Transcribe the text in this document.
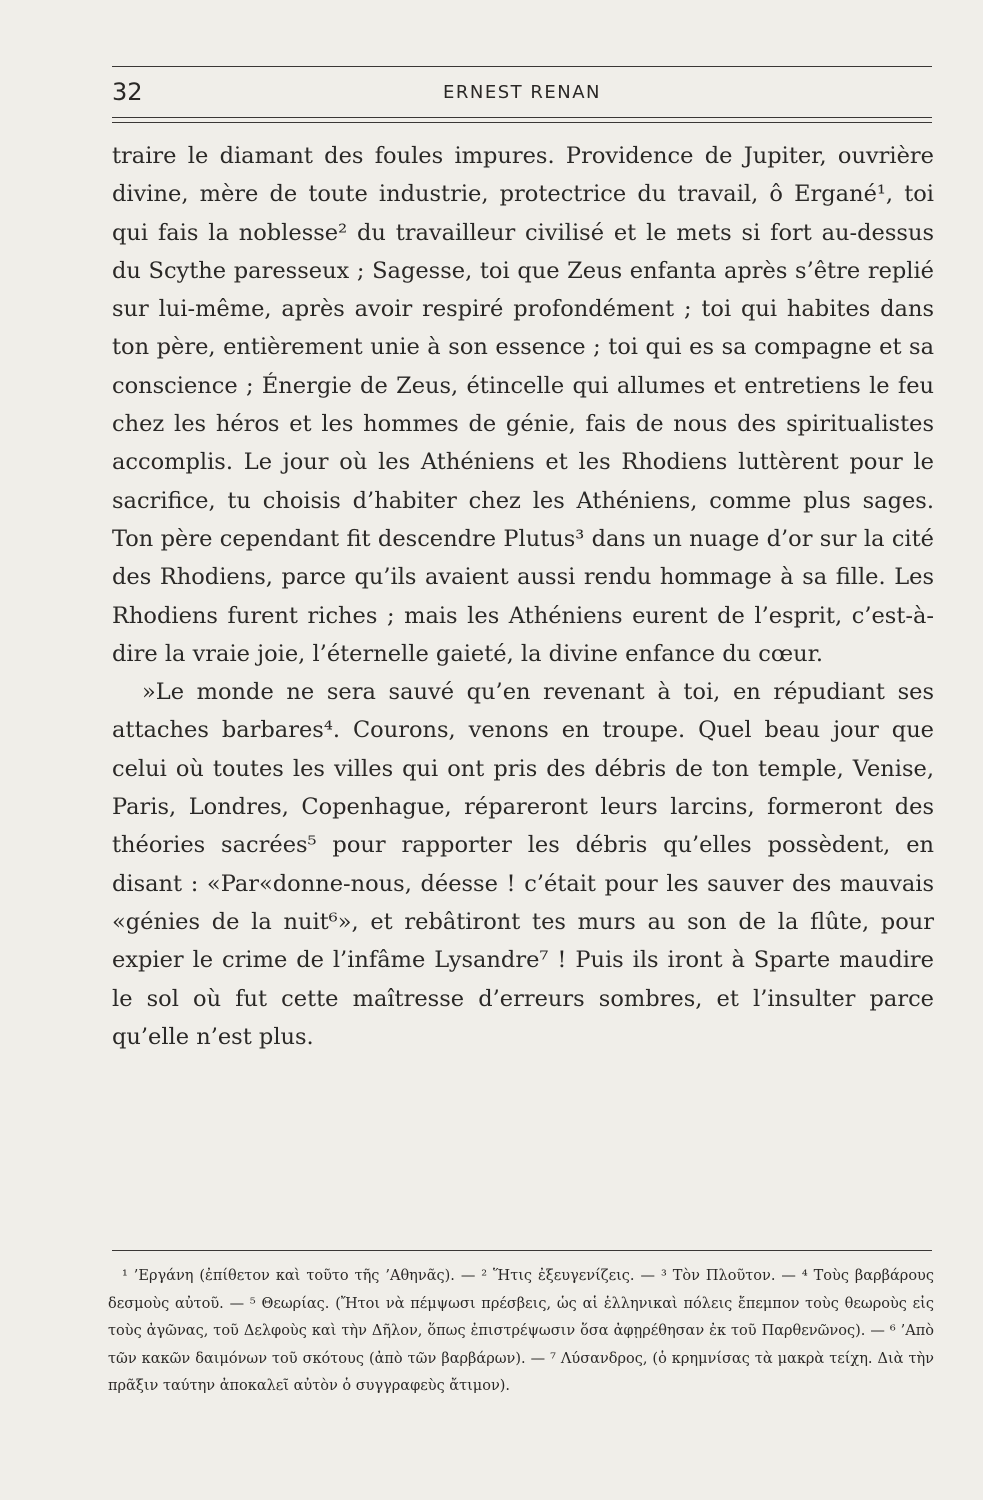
32	ERNEST RENAN

traire le diamant des foules impures. Providence de Jupiter, ouvrière divine, mère de toute industrie, protectrice du travail, ô Ergané¹, toi qui fais la noblesse² du travailleur civilisé et le mets si fort au-dessus du Scythe paresseux ; Sagesse, toi que Zeus enfanta après s’être replié sur lui-même, après avoir respiré profondément ; toi qui habites dans ton père, entièrement unie à son essence ; toi qui es sa compagne et sa conscience ; Énergie de Zeus, étincelle qui allumes et entretiens le feu chez les héros et les hommes de génie, fais de nous des spiritualistes accomplis. Le jour où les Athéniens et les Rhodiens luttèrent pour le sacrifice, tu choisis d’habiter chez les Athéniens, comme plus sages. Ton père cependant fit descendre Plutus³ dans un nuage d’or sur la cité des Rhodiens, parce qu’ils avaient aussi rendu hommage à sa fille. Les Rhodiens furent riches ; mais les Athéniens eurent de l’esprit, c’est-à-dire la vraie joie, l’éternelle gaieté, la divine enfance du cœur.

»Le monde ne sera sauvé qu’en revenant à toi, en répudiant ses attaches barbares⁴. Courons, venons en troupe. Quel beau jour que celui où toutes les villes qui ont pris des débris de ton temple, Venise, Paris, Londres, Copenhague, répareront leurs larcins, formeront des théories sacrées⁵ pour rapporter les débris qu’elles possèdent, en disant : «Par«donne-nous, déesse ! c’était pour les sauver des mauvais «génies de la nuit⁶», et rebâtiront tes murs au son de la flûte, pour expier le crime de l’infâme Lysandre⁷ ! Puis ils iront à Sparte maudire le sol où fut cette maîtresse d’erreurs sombres, et l’insulter parce qu’elle n’est plus.

¹ ’Εργάνη (ἐπίθετον καὶ τοῦτο τῆς ’Αθηνᾶς). — ² Ἥτις ἐξευγενίζεις. — ³ Τὸν Πλοῦτον. — ⁴ Τοὺς βαρβάρους δεσμοὺς αὐτοῦ. — ⁵ Θεωρίας. (Ἤτοι νὰ πέμψωσι πρέσβεις, ὡς αἱ ἑλληνικαὶ πόλεις ἔπεμπον τοὺς θεωροὺς εἰς τοὺς ἀγῶνας, τοῦ Δελφοὺς καὶ τὴν Δῆλον, ὅπως ἐπιστρέψωσιν ὅσα ἀφῃρέθησαν ἐκ τοῦ Παρθενῶνος). — ⁶ ’Απὸ τῶν κακῶν δαιμόνων τοῦ σκότους (ἀπὸ τῶν βαρβάρων). — ⁷ Λύσανδρος, (ὁ κρημνίσας τὰ μακρὰ τείχη. Διὰ τὴν πρᾶξιν ταύτην ἀποκαλεῖ αὐτὸν ὁ συγγραφεὺς ἄτιμον).
